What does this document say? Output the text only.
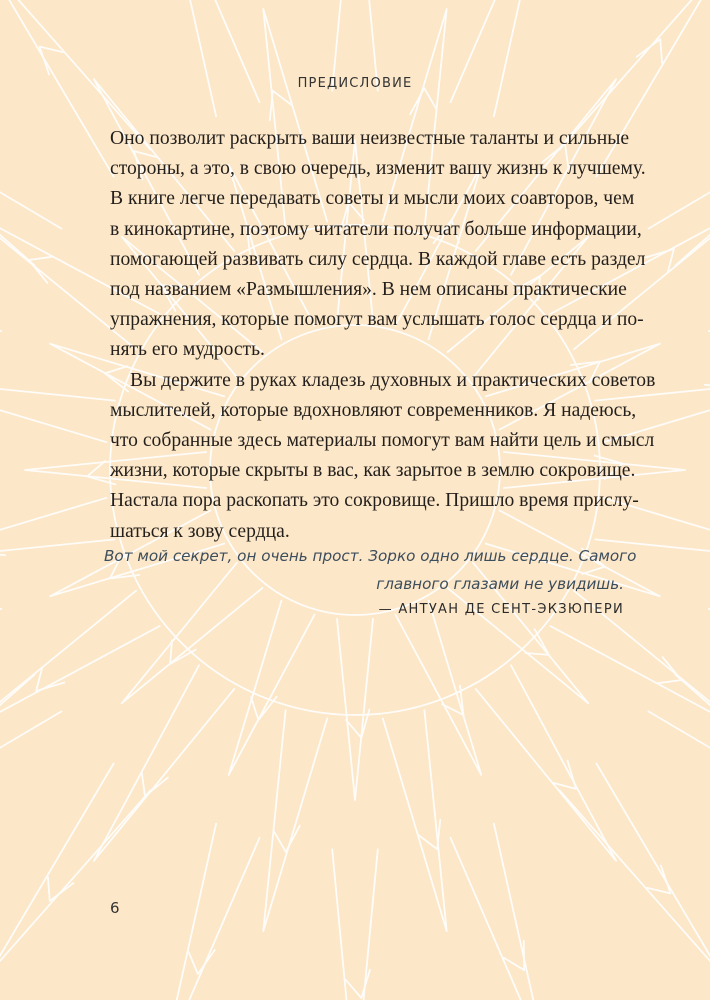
ПРЕДИСЛОВИЕ
Оно позволит раскрыть ваши неизвестные таланты и сильные
стороны, а это, в свою очередь, изменит вашу жизнь к лучшему.
В книге легче передавать советы и мысли моих соавторов, чем
в кинокартине, поэтому читатели получат больше информации,
помогающей развивать силу сердца. В каждой главе есть раздел
под названием «Размышления». В нем описаны практические
упражнения, которые помогут вам услышать голос сердца и по-
нять его мудрость.
Вы держите в руках кладезь духовных и практических советов
мыслителей, которые вдохновляют современников. Я надеюсь,
что собранные здесь материалы помогут вам найти цель и смысл
жизни, которые скрыты в вас, как зарытое в землю сокровище.
Настала пора раскопать это сокровище. Пришло время прислу-
шаться к зову сердца.
Вот мой секрет, он очень прост. Зорко одно лишь сердце. Самого
главного глазами не увидишь.
— АНТУАН ДЕ СЕНТ-ЭКЗЮПЕРИ
6
